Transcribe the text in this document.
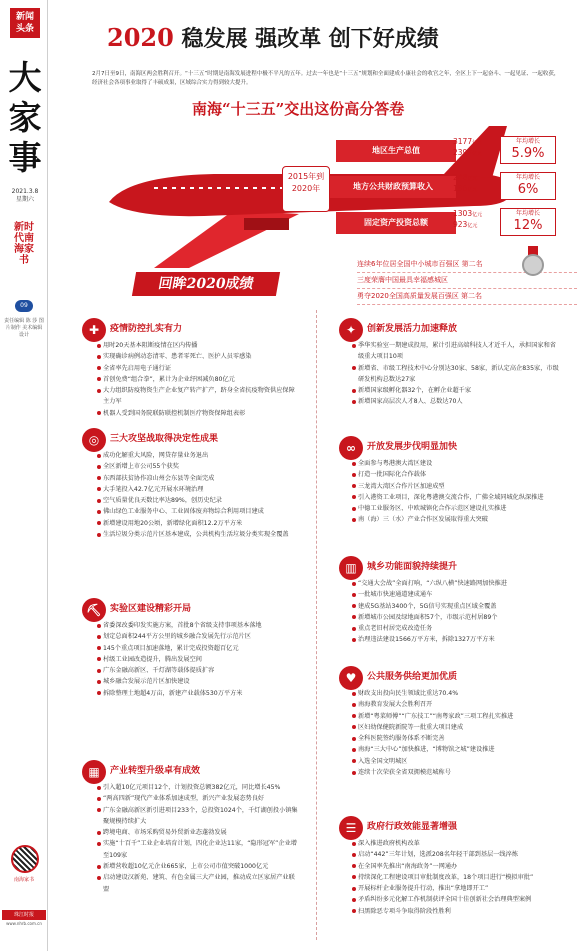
新闻头条
大家事
2021.3.8
星期六
新时代南海家书
09
责任编辑 陈 莎 图片制作 美术编辑 设计
南海家书
珠江时报
www.nhrb.com.cn
2020 稳发展 强改革 创下好成绩
2月7日至9日，南海区两会胜利召开。“十三五”时期是南海发展进程中极不平凡的五年。过去一年也是“十三五”规划和全面建成小康社会的收官之年，全区上下一起奋斗、一起见证、一起收获，经济社会各项事业取得了丰硕成果，区域综合实力得到较大提升。
南海“十三五”交出这份高分答卷
2015年到2020年
地区生产总值
3177亿元
2397亿元
年均增长
5.9%
地方公共财政预算收入
248亿元
186亿元
年均增长
6%
固定资产投资总额
1303亿元
923亿元
年均增长
12%
连续6年位居全国中小城市百强区 第二名
三度荣膺中国最具幸福感城区
勇夺2020全国高质量发展百强区 第二名
回眸2020成绩
✚	疫情防控扎实有力
用时20天基本阻断疫情在区内传播
实现确诊病例动态清零、患者零死亡、医护人员零感染
全省率先启用电子通行证
首创免费“组合拳”，累计为企业纾困减负80亿元
大力组织防疫物资生产企业复产转产扩产，跻身全省抗疫物资供应保障主力军
机器人受到国务院联防联控机制医疗物资保障组表彰
◎	三大攻坚战取得决定性成果
成功化解重大风险，网贷存量业务退出
全区新增上市公司55个获奖
东西部扶贫协作凉山州会东县等全面完成
大手笔投入42.7亿元开展水环境治理
空气质量优良天数比率达89%，创历史纪录
佛山绿色工业服务中心、工业固体废弃物综合利用项目建成
新增建设用地20公顷，新增绿化面积12.2万平方米
生活垃圾分类示范片区基本建成，公共机构生活垃圾分类实现全覆盖
⛏ 实验区建设精彩开局
省委深改委印发实施方案，首批8个省级支持事项基本落地
划定总面积244平方公里的城乡融合发展先行示范片区
145个重点项目加速落地，累计完成投资超百亿元
村级工业园改造提升，腾出发展空间
广东金融高新区、千灯湖等载体提质扩容
城乡融合发展示范片区加快建设
拆除整理土地超4万亩，新建产业载体530万平方米
▦	产业转型升级卓有成效
引入超10亿元项目12个，计划投资总额382亿元，同比增长45%
“两高四新”现代产业体系加速成型，新兴产业发展态势良好
广东金融高新区新引进项目233个，总投资1024个，千灯湖创投小镇集聚规模持续扩大
跨境电商、市场采购贸易外贸新业态蓬勃发展
实施“十百千”工业企业培育计划，四化企业达11家，“隐形冠军”企业增至109家
新增营收超10亿元企业665家，上市公司市值突破1000亿元
启动建设汉新苑、建筑、有色金属三大产业园，推动成立区家居产业联盟
✦	创新发展活力加速释放
季华实验室一期建成投用，累计引进高端科技人才近千人，承担国家和省级重大项目10项
新增省、市级工程技术中心分别达30家、58家，新认定高企835家，市级研发机构总数达27家
新增国家级孵化器32个，在孵企业超千家
新增国家高层次人才8人、总数达70人
∞	开放发展步伐明显加快
全面参与粤港澳大湾区建设
打造一批国际化合作载体
三龙湾大湾区合作片区加速成型
引入港资工业项目，深化粤港澳交流合作，广佛全域同城化纵深推进
中德工业服务区、中欧城镇化合作示范区建设扎实推进
南（海）三（水）产业合作区发展取得重大突破
▥	城乡功能面貌持续提升
“交通大会战”全面打响，“六纵八横”快速路网加快推进
一批城市快速通道建成通车
建成5G基站3400个，5G信号实现重点区域全覆盖
新增城市公园及绿地面积57个，市级示范村居89个
重点老旧村居完成改造任务
治理违法建设1566万平方米，拆除1327万平方米
♥	公共服务供给更加优质
财政支出投向民生领域比重达70.4%
南海教育发展大会胜利召开
新增“粤菜师傅”“广东技工”“南粤家政”三项工程扎实推进
区妇幼保健院新院等一批重大项目建成
全科医院签约服务体系不断完善
南海“三大中心”加快推进，“博物馆之城”建设推进
入选全国文明城区
连续十次荣获全省双拥模范城称号
☰	政府行政效能显著增强
深入推进政府机构改革
启动“442”三年计划，选派208名年轻干部到基层一线淬炼
在全国率先推出“南海政务”一网通办
持续深化工程建设项目审批制度改革，18个项目进行“模拟审批”
开展标杆企业服务提升行动，推出“拿地即开工”
矛盾纠纷多元化解工作机制获评全国十佳创新社会治理典型案例
扫黑除恶专项斗争取得阶段性胜利
